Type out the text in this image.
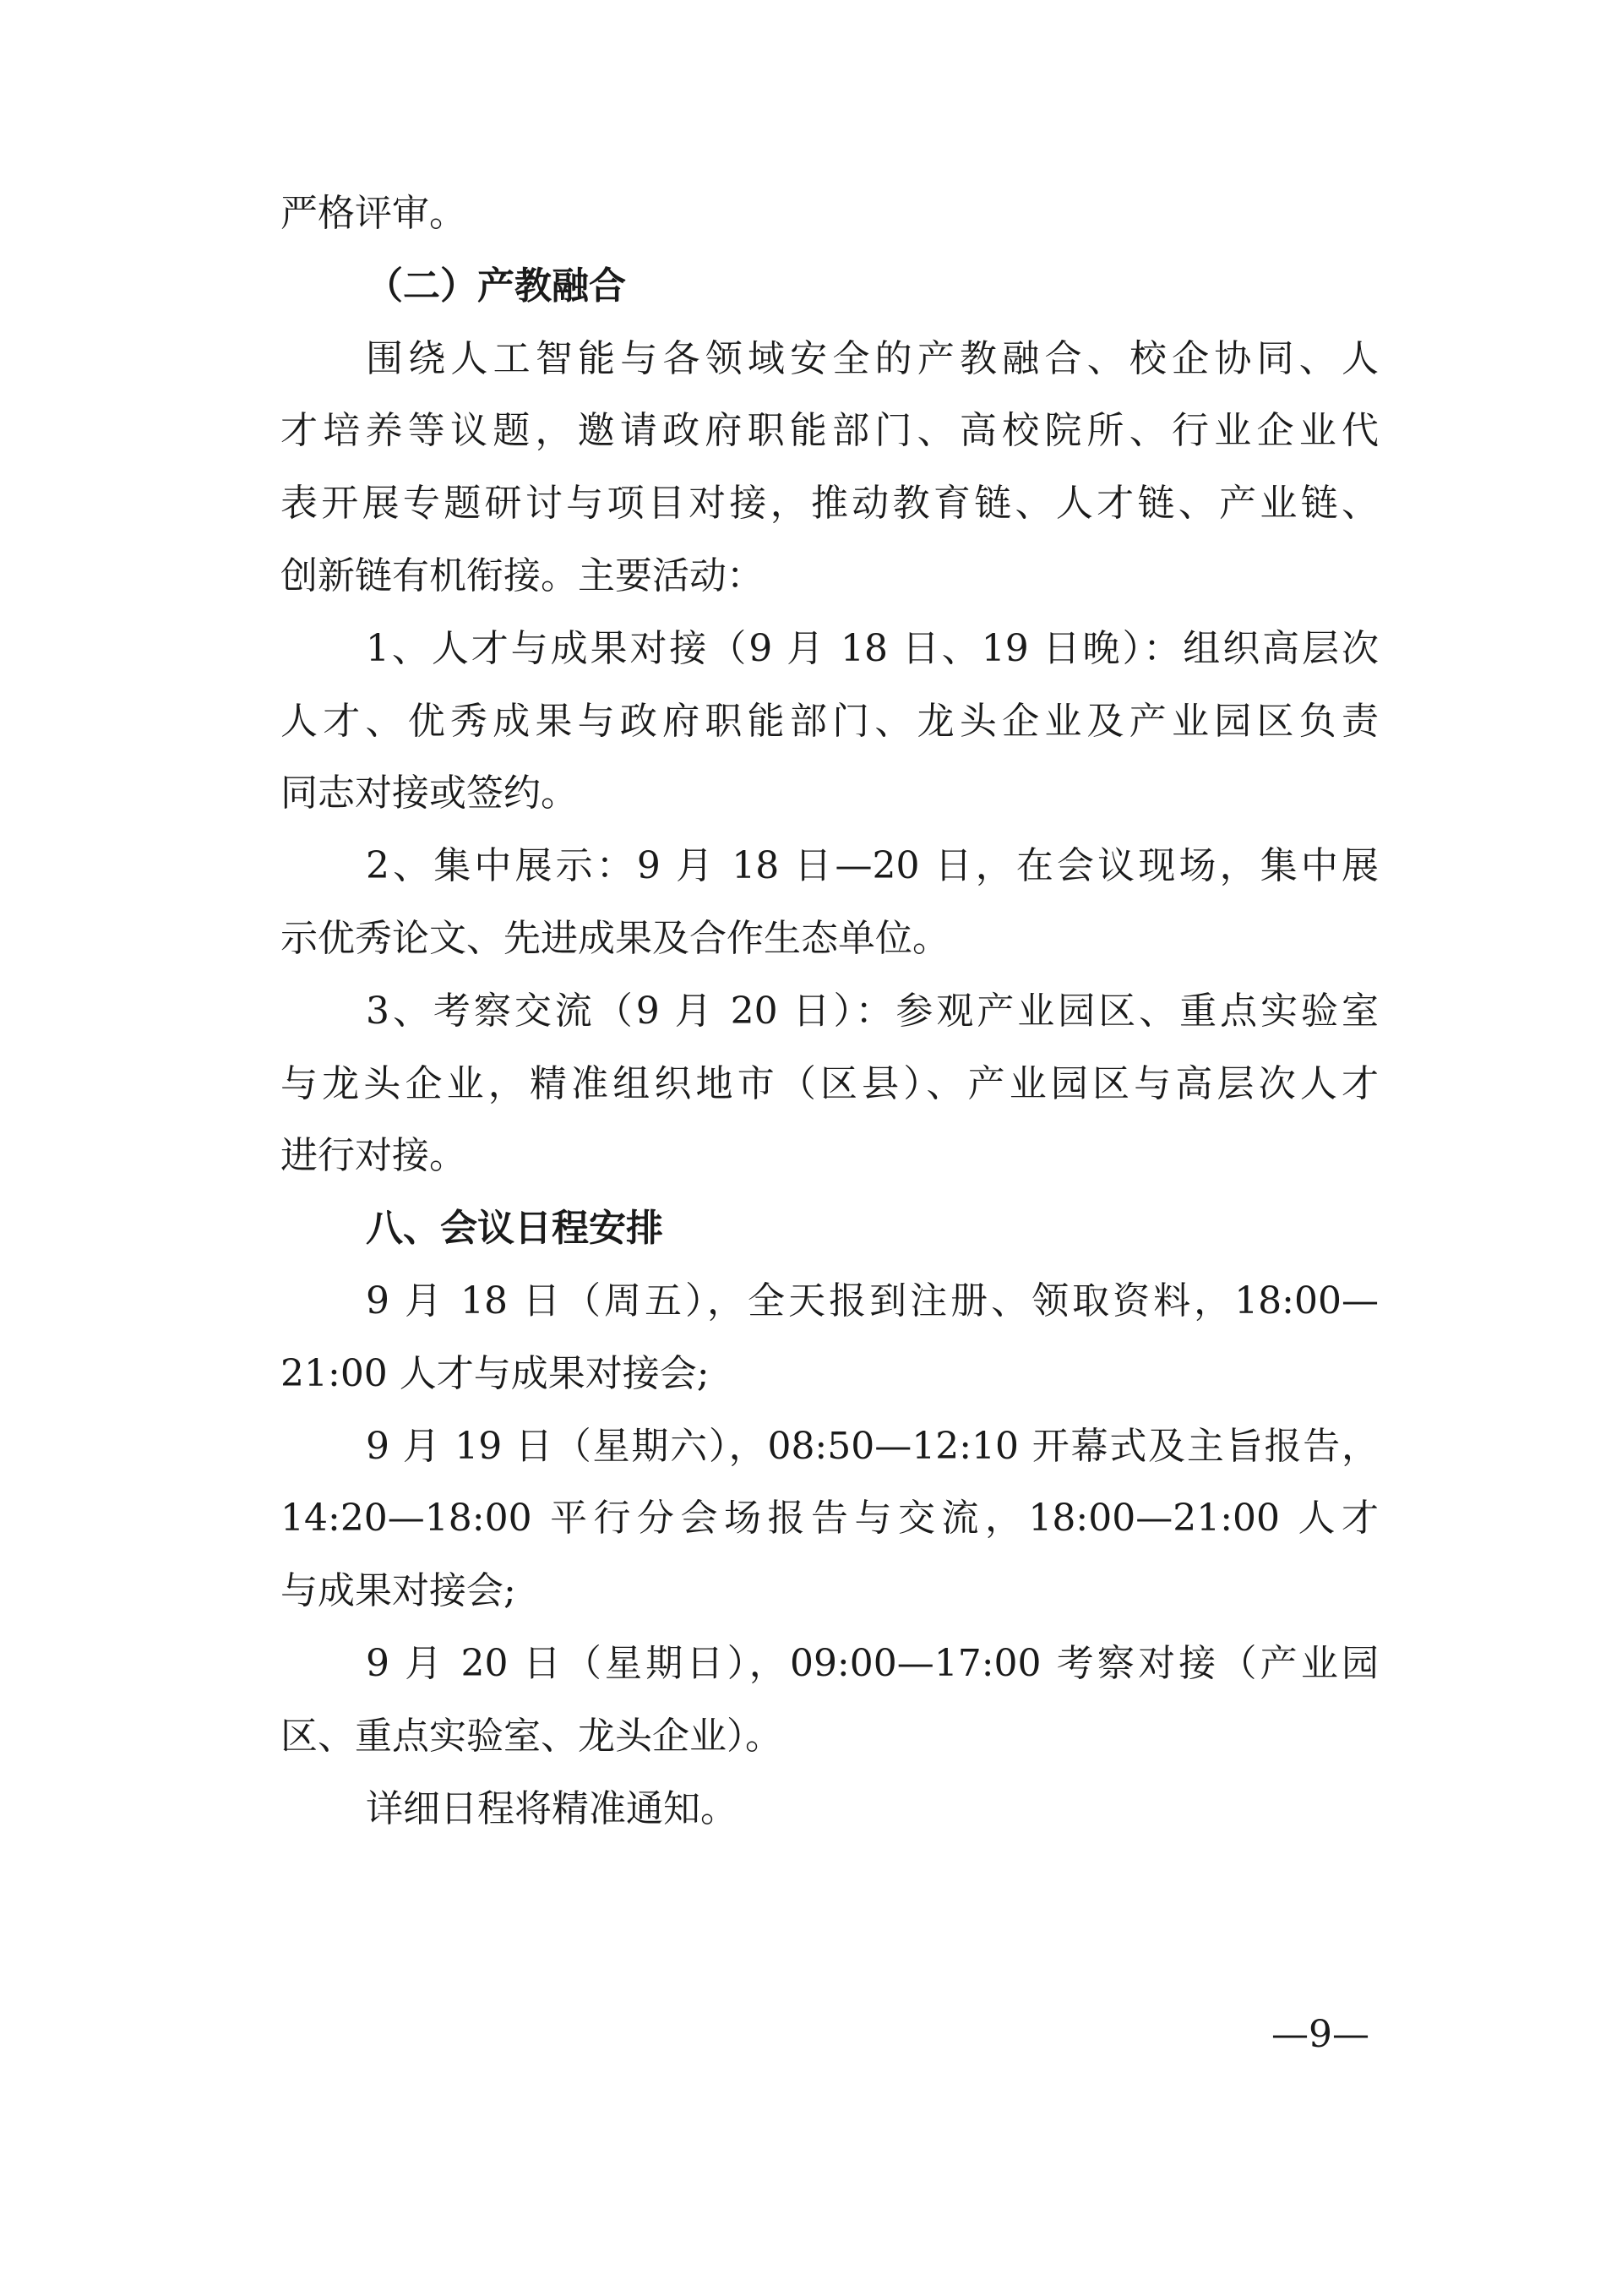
严格评审。
（二）产教融合
围绕人工智能与各领域安全的产教融合、校企协同、人
才培养等议题，邀请政府职能部门、高校院所、行业企业代
表开展专题研讨与项目对接，推动教育链、人才链、产业链、
创新链有机衔接。主要活动：
1、人才与成果对接（9 月 18 日、19 日晚）：组织高层次
人才、优秀成果与政府职能部门、龙头企业及产业园区负责
同志对接或签约。
2、集中展示：9 月 18 日—20 日，在会议现场，集中展
示优秀论文、先进成果及合作生态单位。
3、考察交流（9 月 20 日）：参观产业园区、重点实验室
与龙头企业，精准组织地市（区县）、产业园区与高层次人才
进行对接。
八、会议日程安排
9 月 18 日（周五），全天报到注册、领取资料，18:00—
21:00 人才与成果对接会;
9 月 19 日（星期六），08:50—12:10 开幕式及主旨报告，
14:20—18:00 平行分会场报告与交流，18:00—21:00 人才
与成果对接会;
9 月 20 日（星期日），09:00—17:00 考察对接（产业园
区、重点实验室、龙头企业）。
详细日程将精准通知。
—9—
